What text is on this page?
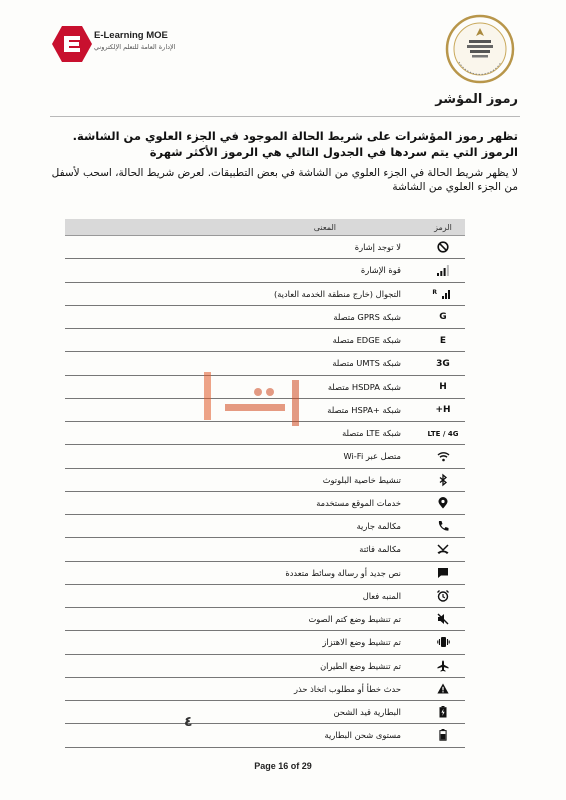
E-Learning MOE
الإدارة العامة للتعلم الإلكتروني
رموز المؤشر
تظهر رموز المؤشرات على شريط الحالة الموجود في الجزء العلوي من الشاشة. الرموز التي يتم سردها في الجدول التالي هي الرموز الأكثر شهرة
لا يظهر شريط الحالة في الجزء العلوي من الشاشة في بعض التطبيقات. لعرض شريط الحالة، اسحب لأسفل من الجزء العلوي من الشاشة
الرمز	المعنى
	لا توجد إشارة
	قوة الإشارة

R	التجوال (خارج منطقة الخدمة العادية)
G	شبكة GPRS متصلة
E	شبكة EDGE متصلة
3G	شبكة UMTS متصلة
H	شبكة HSDPA متصلة
H+	شبكة +HSPA متصلة
LTE / 4G	شبكة LTE متصلة
	متصل عبر Wi-Fi
	تنشيط خاصية البلوتوث
	خدمات الموقع مستخدمة
	مكالمة جارية
	مكالمة فائتة
	نص جديد أو رسالة وسائط متعددة
	المنبه فعال
	تم تنشيط وضع كتم الصوت
	تم تنشيط وضع الاهتزاز
	تم تنشيط وضع الطيران
	حدث خطأ أو مطلوب اتخاذ حذر
	البطارية قيد الشحن
	مستوى شحن البطارية
٤
Page 16 of 29
